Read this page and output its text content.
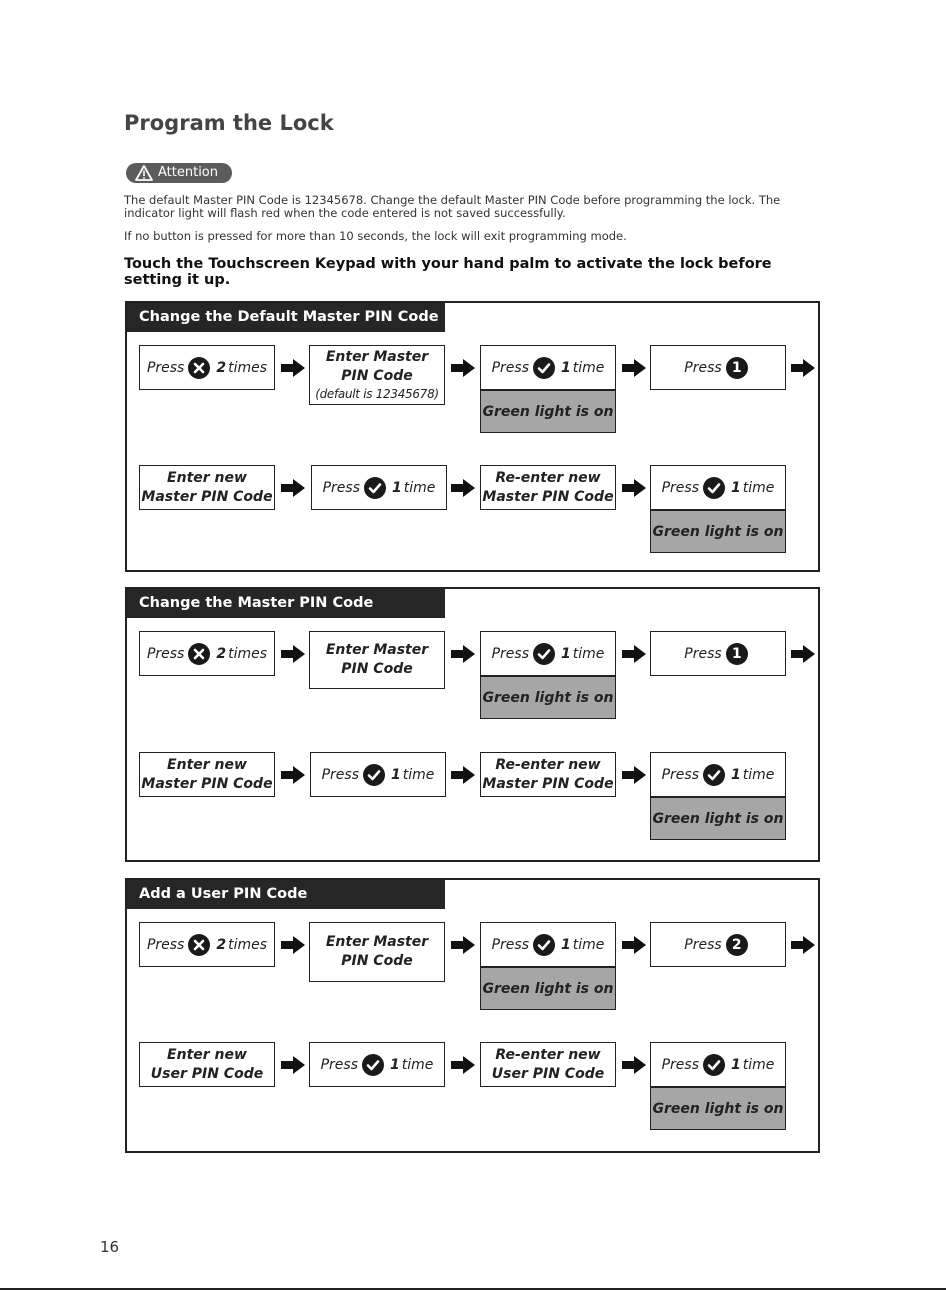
Program the Lock
Attention

The default Master PIN Code is 12345678. Change the default Master PIN Code before programming the lock. The indicator light will flash red when the code entered is not saved successfully.

If no button is pressed for more than 10 seconds, the lock will exit programming mode.

Touch the Touchscreen Keypad with your hand palm to activate the lock before setting it up.

Change the Default Master PIN Code
Press 2 times
Enter Master
PIN Code
(default is 12345678)
Press 1 time
Green light is on
Press 1
Enter new
Master PIN Code
Press 1 time
Re-enter new
Master PIN Code
Press 1 time
Green light is on
Change the Master PIN Code
Press 2 times	Enter Master
PIN Code
Press 1 time
Green light is on
Press 1
Enter new
Master PIN Code
Press 1 time
Re-enter new
Master PIN Code
Press 1 time
Green light is on
Add a User PIN Code
Press 2 times	Enter Master
PIN Code
Press 1 time
Green light is on
Press 2
Enter new
User PIN Code
Press 1 time
Re-enter new
User PIN Code
Press 1 time
Green light is on
16
